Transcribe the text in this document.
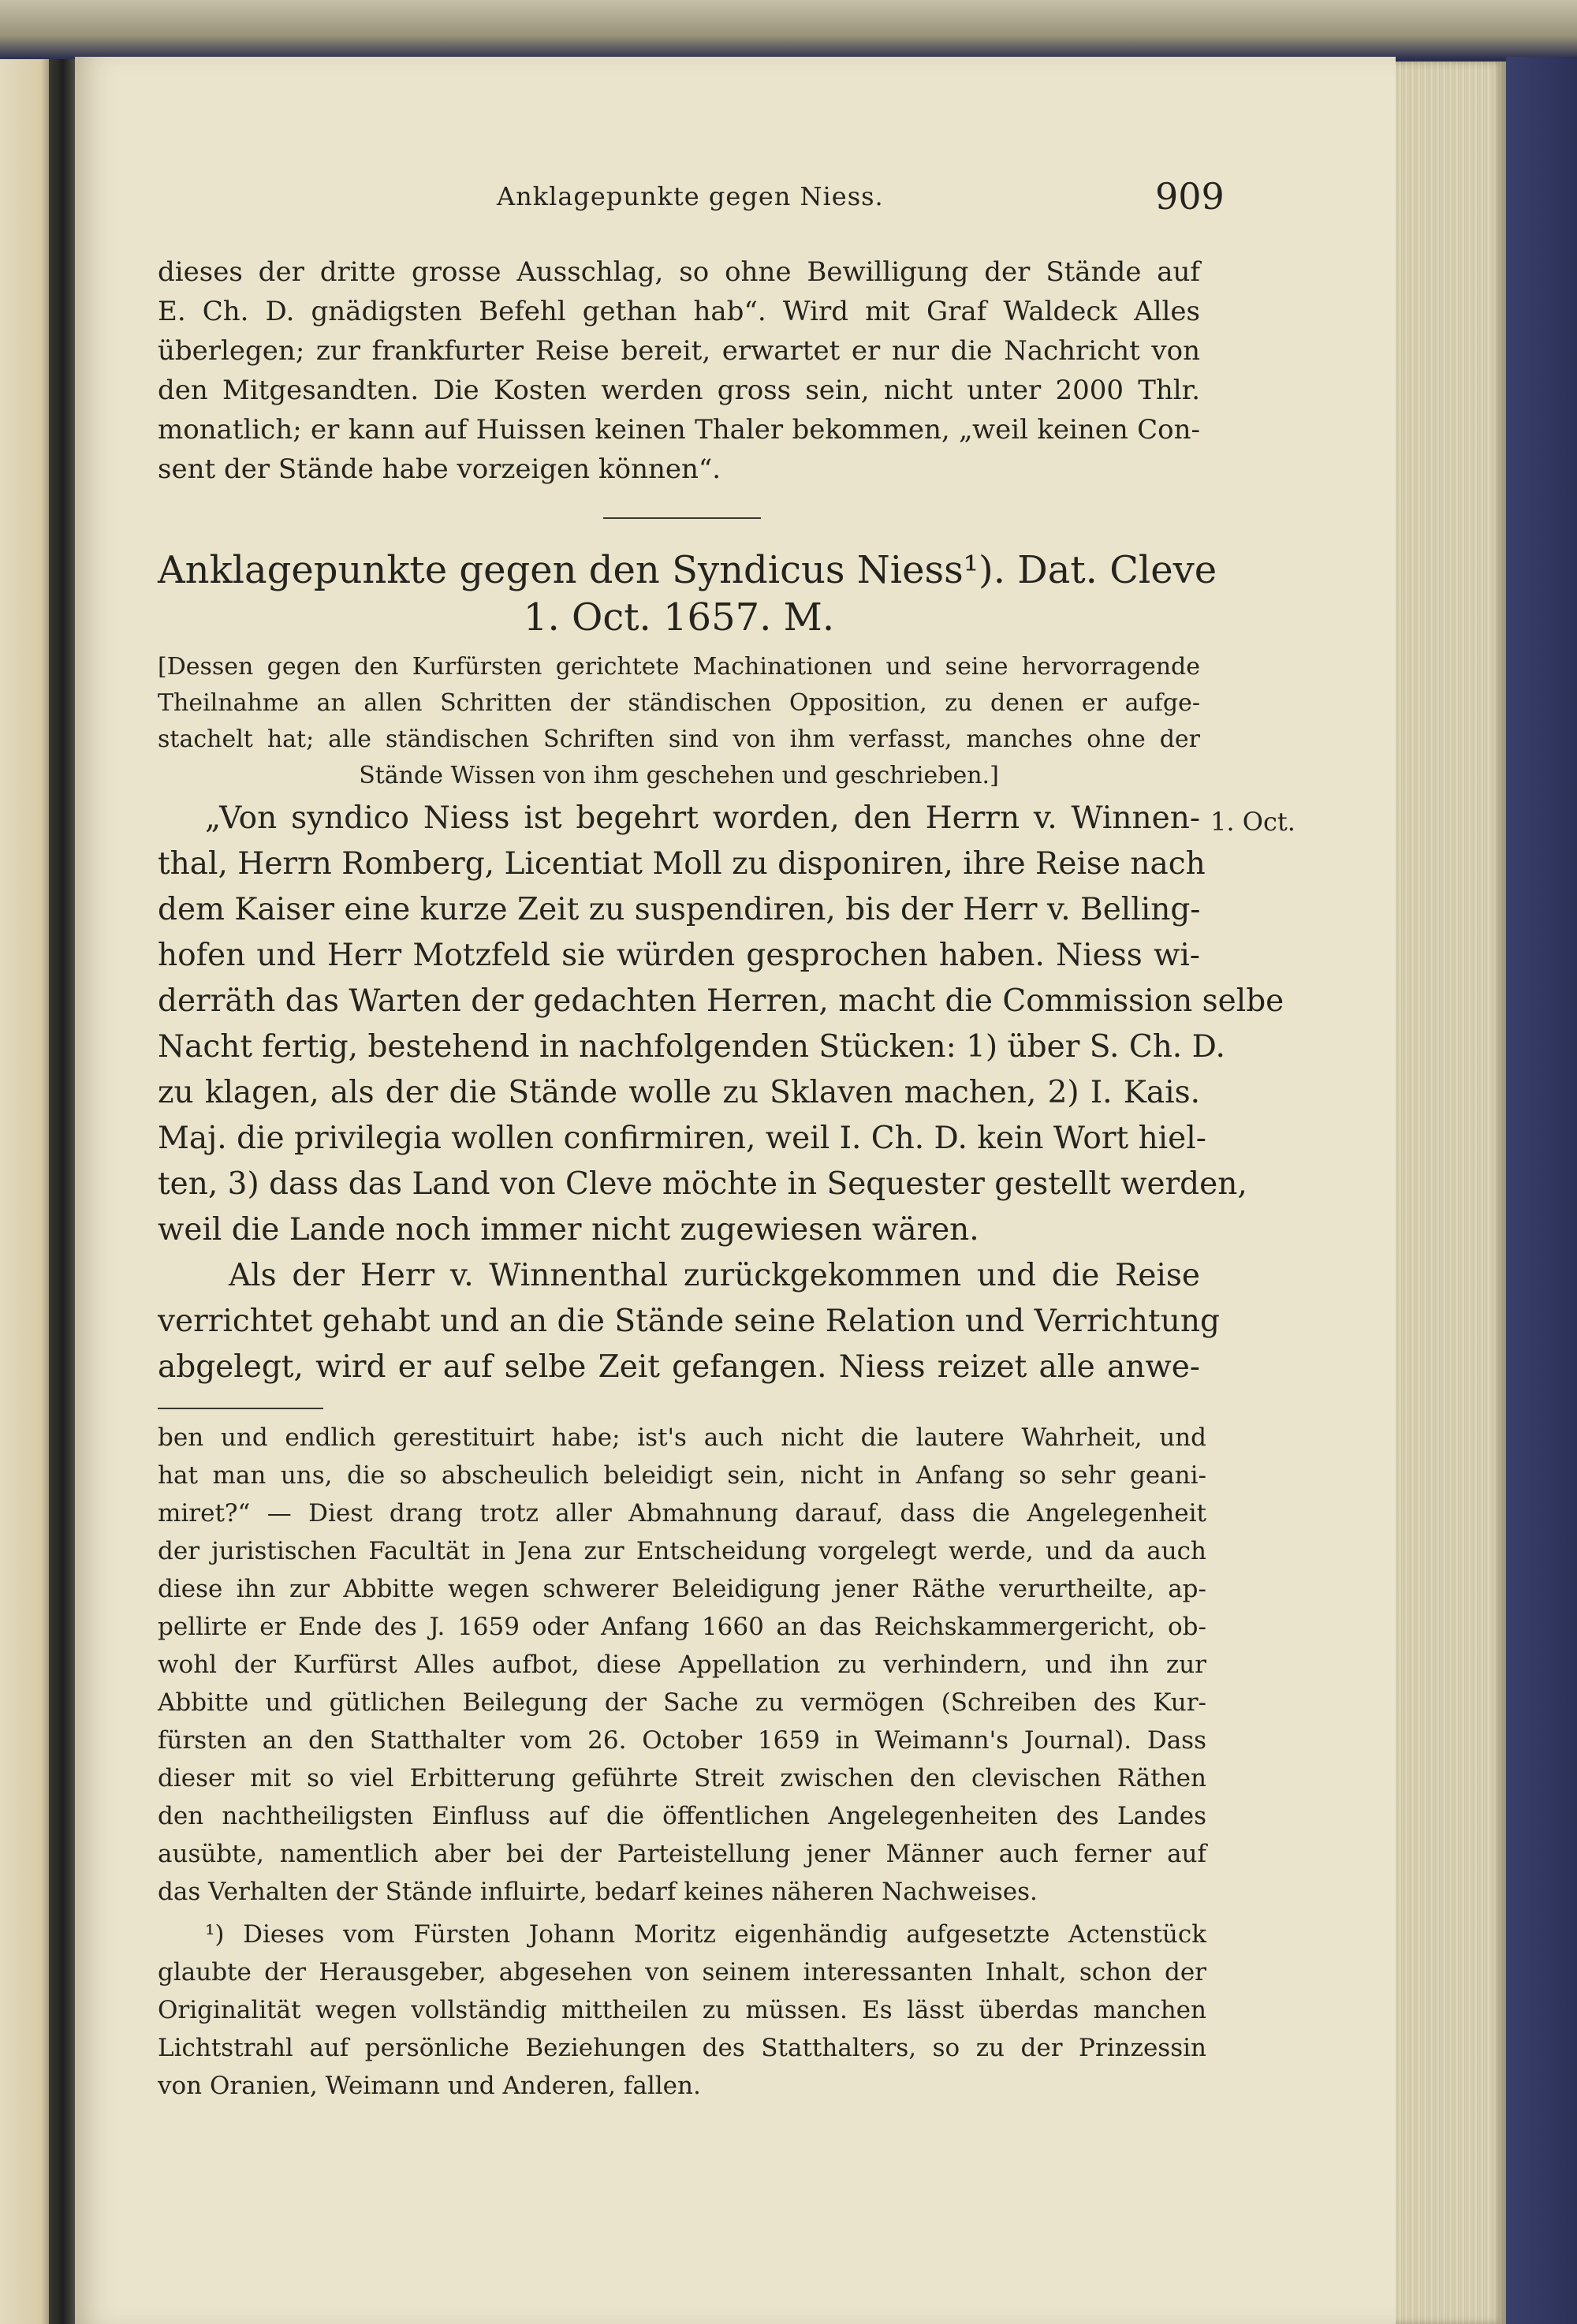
Anklagepunkte gegen Niess.	909
dieses der dritte grosse Ausschlag, so ohne Bewilligung der Stände auf
E. Ch. D. gnädigsten Befehl gethan hab“. Wird mit Graf Waldeck Alles
überlegen; zur frankfurter Reise bereit, erwartet er nur die Nachricht von
den Mitgesandten. Die Kosten werden gross sein, nicht unter 2000 Thlr.
monatlich; er kann auf Huissen keinen Thaler bekommen, „weil keinen Con-
sent der Stände habe vorzeigen können“.
Anklagepunkte gegen den Syndicus Niess¹). Dat. Cleve
1. Oct. 1657. M.
[Dessen gegen den Kurfürsten gerichtete Machinationen und seine hervorragende
Theilnahme an allen Schritten der ständischen Opposition, zu denen er aufge-
stachelt hat; alle ständischen Schriften sind von ihm verfasst, manches ohne der
Stände Wissen von ihm geschehen und geschrieben.]
1. Oct.
„Von syndico Niess ist begehrt worden, den Herrn v. Winnen-
thal, Herrn Romberg, Licentiat Moll zu disponiren, ihre Reise nach
dem Kaiser eine kurze Zeit zu suspendiren, bis der Herr v. Belling-
hofen und Herr Motzfeld sie würden gesprochen haben. Niess wi-
derräth das Warten der gedachten Herren, macht die Commission selbe
Nacht fertig, bestehend in nachfolgenden Stücken: 1) über S. Ch. D.
zu klagen, als der die Stände wolle zu Sklaven machen, 2) I. Kais.
Maj. die privilegia wollen confirmiren, weil I. Ch. D. kein Wort hiel-
ten, 3) dass das Land von Cleve möchte in Sequester gestellt werden,
weil die Lande noch immer nicht zugewiesen wären.
Als der Herr v. Winnenthal zurückgekommen und die Reise
verrichtet gehabt und an die Stände seine Relation und Verrichtung
abgelegt, wird er auf selbe Zeit gefangen. Niess reizet alle anwe-
ben und endlich gerestituirt habe; ist's auch nicht die lautere Wahrheit, und
hat man uns, die so abscheulich beleidigt sein, nicht in Anfang so sehr geani-
miret?“ — Diest drang trotz aller Abmahnung darauf, dass die Angelegenheit
der juristischen Facultät in Jena zur Entscheidung vorgelegt werde, und da auch
diese ihn zur Abbitte wegen schwerer Beleidigung jener Räthe verurtheilte, ap-
pellirte er Ende des J. 1659 oder Anfang 1660 an das Reichskammergericht, ob-
wohl der Kurfürst Alles aufbot, diese Appellation zu verhindern, und ihn zur
Abbitte und gütlichen Beilegung der Sache zu vermögen (Schreiben des Kur-
fürsten an den Statthalter vom 26. October 1659 in Weimann's Journal). Dass
dieser mit so viel Erbitterung geführte Streit zwischen den clevischen Räthen
den nachtheiligsten Einfluss auf die öffentlichen Angelegenheiten des Landes
ausübte, namentlich aber bei der Parteistellung jener Männer auch ferner auf
das Verhalten der Stände influirte, bedarf keines näheren Nachweises.
¹) Dieses vom Fürsten Johann Moritz eigenhändig aufgesetzte Actenstück
glaubte der Herausgeber, abgesehen von seinem interessanten Inhalt, schon der
Originalität wegen vollständig mittheilen zu müssen. Es lässt überdas manchen
Lichtstrahl auf persönliche Beziehungen des Statthalters, so zu der Prinzessin
von Oranien, Weimann und Anderen, fallen.
